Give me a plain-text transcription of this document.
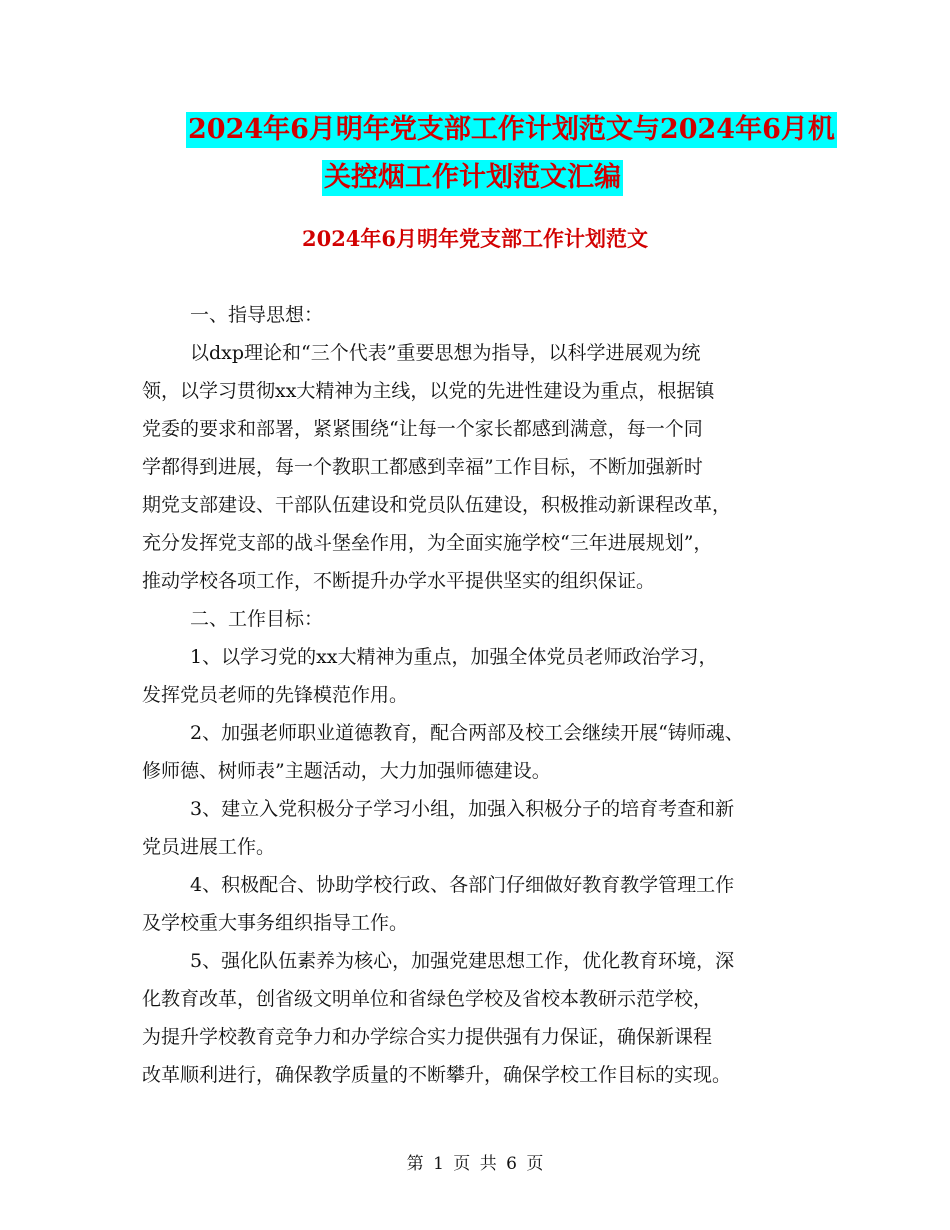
2024年6月明年党支部工作计划范文与2024年6月机
关控烟工作计划范文汇编
2024年6月明年党支部工作计划范文

一、指导思想：

以dxp理论和“三个代表”重要思想为指导，以科学进展观为统
领，以学习贯彻xx大精神为主线，以党的先进性建设为重点，根据镇
党委的要求和部署，紧紧围绕“让每一个家长都感到满意，每一个同
学都得到进展，每一个教职工都感到幸福”工作目标，不断加强新时
期党支部建设、干部队伍建设和党员队伍建设，积极推动新课程改革，
充分发挥党支部的战斗堡垒作用，为全面实施学校“三年进展规划”，
推动学校各项工作，不断提升办学水平提供坚实的组织保证。

二、工作目标：

1、以学习党的xx大精神为重点，加强全体党员老师政治学习，
发挥党员老师的先锋模范作用。

2、加强老师职业道德教育，配合两部及校工会继续开展“铸师魂、
修师德、树师表”主题活动，大力加强师德建设。

3、建立入党积极分子学习小组，加强入积极分子的培育考查和新
党员进展工作。

4、积极配合、协助学校行政、各部门仔细做好教育教学管理工作
及学校重大事务组织指导工作。

5、强化队伍素养为核心，加强党建思想工作，优化教育环境，深
化教育改革，创省级文明单位和省绿色学校及省校本教研示范学校，
为提升学校教育竞争力和办学综合实力提供强有力保证，确保新课程
改革顺利进行，确保教学质量的不断攀升，确保学校工作目标的实现。

第 1 页 共 6 页
